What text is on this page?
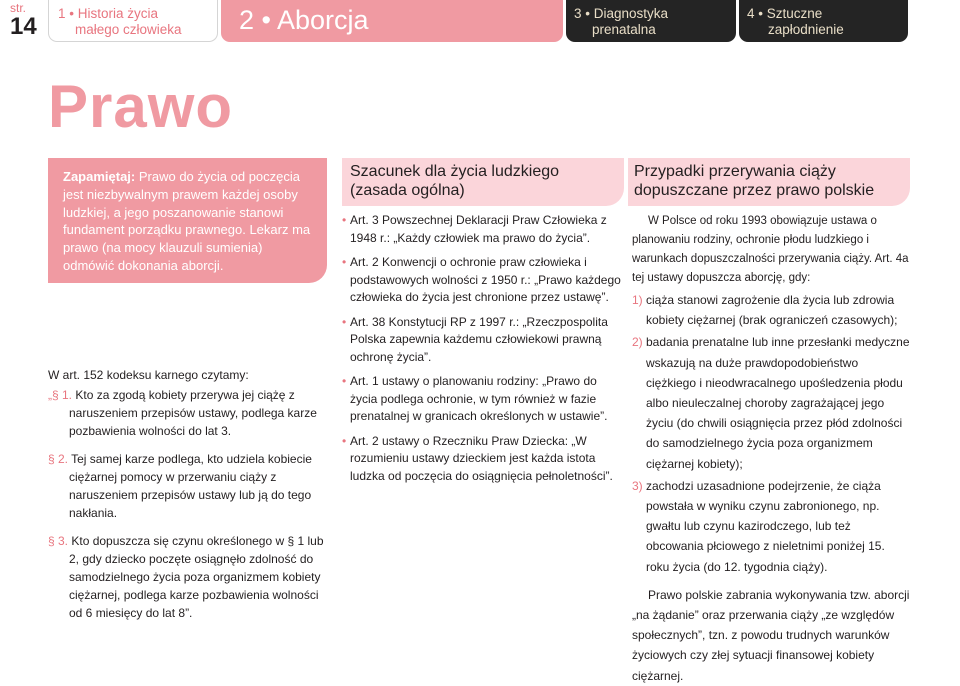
str.
14	1 • Historia życia
małego człowieka	2 • Aborcja	3 • Diagnostyka
prenatalna
4 • Sztuczne
zapłodnienie
Prawo
Zapamiętaj: Prawo do życia od poczęcia jest niezbywalnym prawem każdej osoby ludzkiej, a jego poszanowanie stanowi fundament porządku prawnego. Lekarz ma prawo (na mocy klauzuli sumienia) odmówić dokonania aborcji.
W art. 152 kodeksu karnego czytamy:
„§ 1. Kto za zgodą kobiety przerywa jej ciążę z naruszeniem przepisów ustawy, podlega karze pozbawienia wolności do lat 3.
§ 2. Tej samej karze podlega, kto udziela kobiecie ciężarnej pomocy w przerwaniu ciąży z naruszeniem przepisów ustawy lub ją do tego nakłania.
§ 3. Kto dopuszcza się czynu określonego w § 1 lub 2, gdy dziecko poczęte osiągnęło zdolność do samodzielnego życia poza organizmem kobiety ciężarnej, podlega karze pozbawienia wolności od 6 miesięcy do lat 8”.
Szacunek dla życia ludzkiego
(zasada ogólna)
• Art. 3 Powszechnej Deklaracji Praw Człowieka z 1948 r.: „Każdy człowiek ma prawo do życia”.
• Art. 2 Konwencji o ochronie praw człowieka i podstawowych wolności z 1950 r.: „Prawo każdego człowieka do życia jest chronione przez ustawę”.
• Art. 38 Konstytucji RP z 1997 r.: „Rzeczpospolita Polska zapewnia każdemu człowiekowi prawną ochronę życia”.
• Art. 1 ustawy o planowaniu rodziny: „Prawo do życia podlega ochronie, w tym również w fazie prenatalnej w granicach określonych w ustawie”.
• Art. 2 ustawy o Rzeczniku Praw Dziecka: „W rozumieniu ustawy dzieckiem jest każda istota ludzka od poczęcia do osiągnięcia pełnoletności”.
Przypadki przerywania ciąży
dopuszczane przez prawo polskie

W Polsce od roku 1993 obowiązuje ustawa o planowaniu rodziny, ochronie płodu ludzkiego i warunkach dopuszczalności przerywania ciąży. Art. 4a tej ustawy dopuszcza aborcję, gdy:

1) ciąża stanowi zagrożenie dla życia lub zdrowia kobiety ciężarnej (brak ograniczeń czasowych);
2) badania prenatalne lub inne przesłanki medyczne wskazują na duże prawdopodobieństwo ciężkiego i nieodwracalnego upośledzenia płodu albo nieuleczalnej choroby zagrażającej jego życiu (do chwili osiągnięcia przez płód zdolności do samodzielnego życia poza organizmem ciężarnej kobiety);
3) zachodzi uzasadnione podejrzenie, że ciąża powstała w wyniku czynu zabronionego, np. gwałtu lub czynu kazirodczego, lub też obcowania płciowego z nieletnimi poniżej 15. roku życia (do 12. tygodnia ciąży).

Prawo polskie zabrania wykonywania tzw. aborcji „na żądanie” oraz przerwania ciąży „ze względów społecznych”, tzn. z powodu trudnych warunków życiowych czy złej sytuacji finansowej kobiety ciężarnej.
